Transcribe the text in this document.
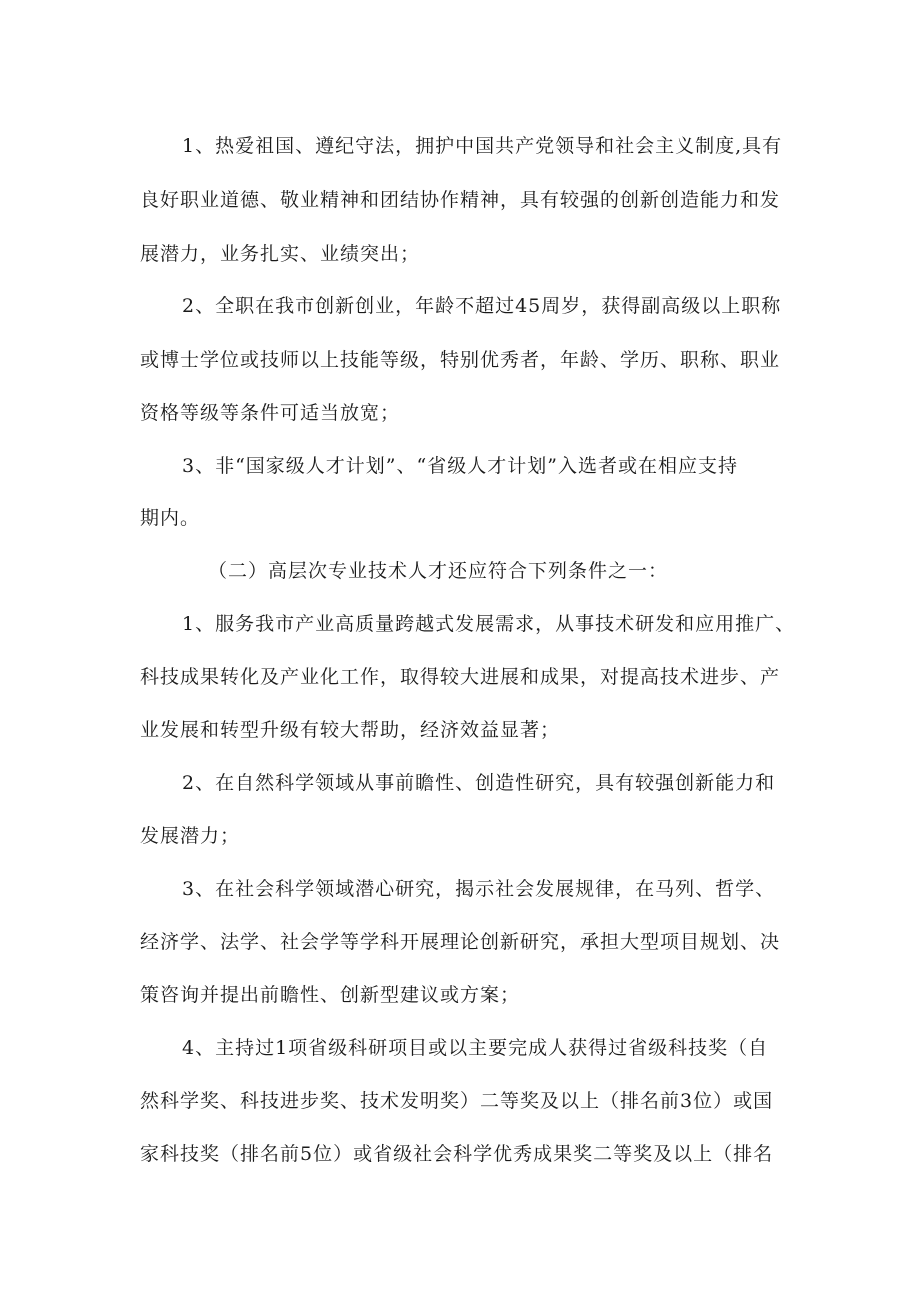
1、热爱祖国、遵纪守法，拥护中国共产党领导和社会主义制度,具有
良好职业道德、敬业精神和团结协作精神，具有较强的创新创造能力和发
展潜力，业务扎实、业绩突出；
2、全职在我市创新创业，年龄不超过45周岁，获得副高级以上职称
或博士学位或技师以上技能等级，特别优秀者，年龄、学历、职称、职业
资格等级等条件可适当放宽；
3、非“国家级人才计划”、“省级人才计划”入选者或在相应支持
期内。
（二）高层次专业技术人才还应符合下列条件之一：
1、服务我市产业高质量跨越式发展需求，从事技术研发和应用推广、
科技成果转化及产业化工作，取得较大进展和成果，对提高技术进步、产
业发展和转型升级有较大帮助，经济效益显著；
2、在自然科学领域从事前瞻性、创造性研究，具有较强创新能力和
发展潜力；
3、在社会科学领域潜心研究，揭示社会发展规律，在马列、哲学、
经济学、法学、社会学等学科开展理论创新研究，承担大型项目规划、决
策咨询并提出前瞻性、创新型建议或方案；
4、主持过1项省级科研项目或以主要完成人获得过省级科技奖（自
然科学奖、科技进步奖、技术发明奖）二等奖及以上（排名前3位）或国
家科技奖（排名前5位）或省级社会科学优秀成果奖二等奖及以上（排名
